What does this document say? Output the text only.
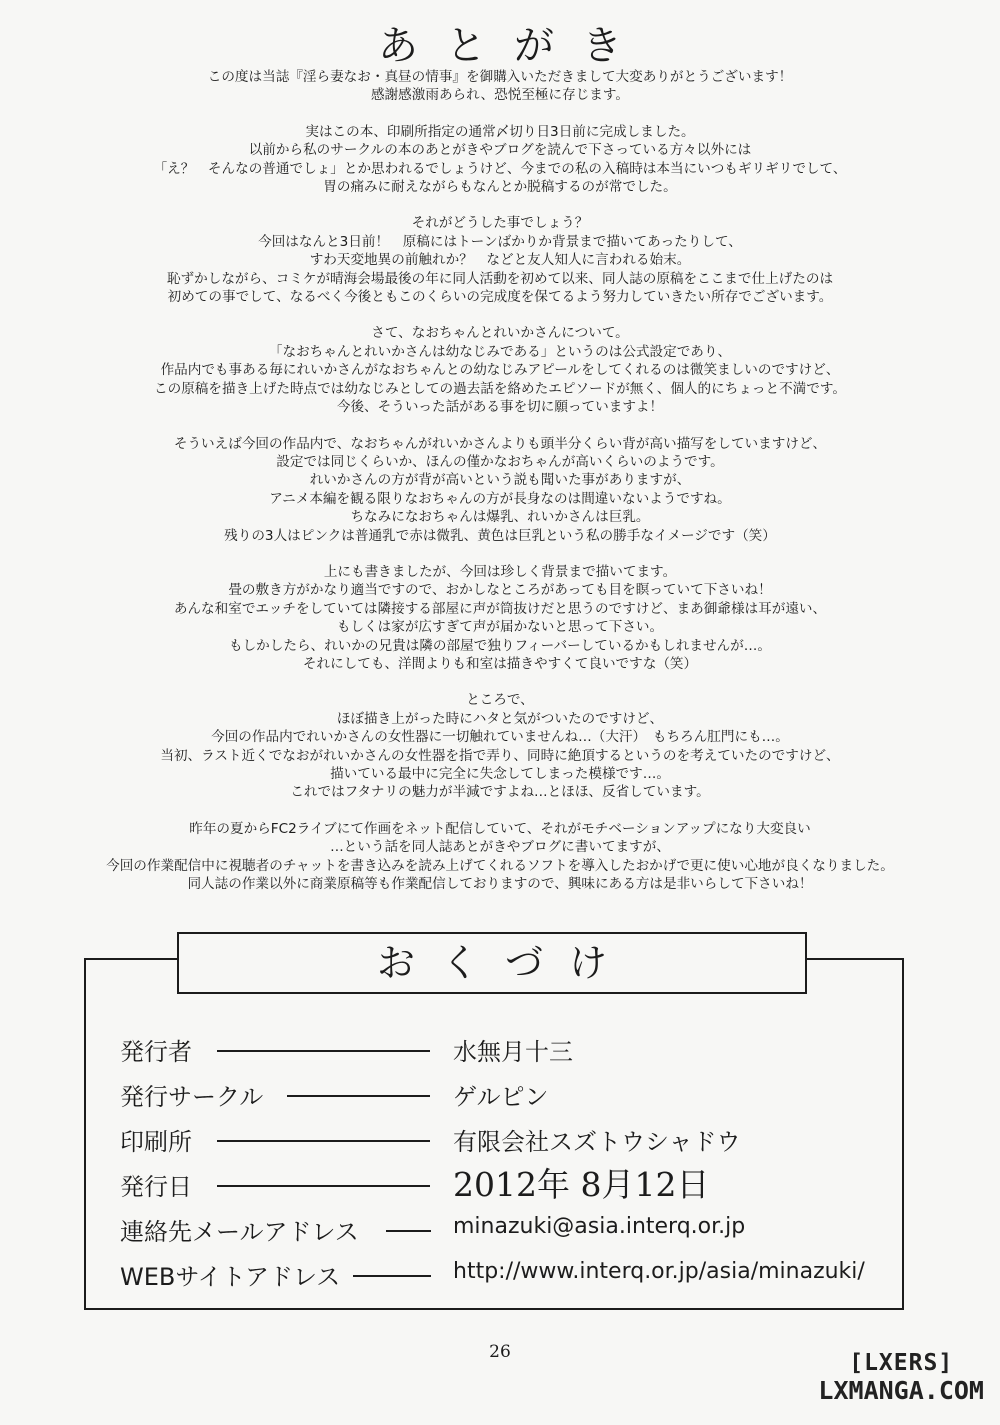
あとがき
この度は当誌『淫ら妻なお・真昼の情事』を御購入いただきまして大変ありがとうございます！
感謝感激雨あられ、恐悦至極に存じます。
実はこの本、印刷所指定の通常〆切り日3日前に完成しました。
以前から私のサークルの本のあとがきやブログを読んで下さっている方々以外には
「え？　そんなの普通でしょ」とか思われるでしょうけど、今までの私の入稿時は本当にいつもギリギリでして、
胃の痛みに耐えながらもなんとか脱稿するのが常でした。
それがどうした事でしょう？
今回はなんと3日前！　原稿にはトーンばかりか背景まで描いてあったりして、
すわ天変地異の前触れか？　などと友人知人に言われる始末。
恥ずかしながら、コミケが晴海会場最後の年に同人活動を初めて以来、同人誌の原稿をここまで仕上げたのは
初めての事でして、なるべく今後ともこのくらいの完成度を保てるよう努力していきたい所存でございます。
さて、なおちゃんとれいかさんについて。
「なおちゃんとれいかさんは幼なじみである」というのは公式設定であり、
作品内でも事ある毎にれいかさんがなおちゃんとの幼なじみアピールをしてくれるのは微笑ましいのですけど、
この原稿を描き上げた時点では幼なじみとしての過去話を絡めたエピソードが無く、個人的にちょっと不満です。
今後、そういった話がある事を切に願っていますよ！
そういえば今回の作品内で、なおちゃんがれいかさんよりも頭半分くらい背が高い描写をしていますけど、
設定では同じくらいか、ほんの僅かなおちゃんが高いくらいのようです。
れいかさんの方が背が高いという説も聞いた事がありますが、
アニメ本編を観る限りなおちゃんの方が長身なのは間違いないようですね。
ちなみになおちゃんは爆乳、れいかさんは巨乳。
残りの3人はピンクは普通乳で赤は微乳、黄色は巨乳という私の勝手なイメージです（笑）
上にも書きましたが、今回は珍しく背景まで描いてます。
畳の敷き方がかなり適当ですので、おかしなところがあっても目を瞑っていて下さいね！
あんな和室でエッチをしていては隣接する部屋に声が筒抜けだと思うのですけど、まあ御爺様は耳が遠い、
もしくは家が広すぎて声が届かないと思って下さい。
もしかしたら、れいかの兄貴は隣の部屋で独りフィーバーしているかもしれませんが…。
それにしても、洋間よりも和室は描きやすくて良いですな（笑）
ところで、
ほぼ描き上がった時にハタと気がついたのですけど、
今回の作品内でれいかさんの女性器に一切触れていませんね…（大汗）　もちろん肛門にも…。
当初、ラスト近くでなおがれいかさんの女性器を指で弄り、同時に絶頂するというのを考えていたのですけど、
描いている最中に完全に失念してしまった模様です…。
これではフタナリの魅力が半減ですよね…とほほ、反省しています。
昨年の夏からFC2ライブにて作画をネット配信していて、それがモチベーションアップになり大変良い
…という話を同人誌あとがきやブログに書いてますが、
今回の作業配信中に視聴者のチャットを書き込みを読み上げてくれるソフトを導入したおかげで更に使い心地が良くなりました。
同人誌の作業以外に商業原稿等も作業配信しておりますので、興味にある方は是非いらして下さいね！
おくづけ
発行者	水無月十三
発行サークル	ゲルピン
印刷所	有限会社スズトウシャドウ
発行日	2012年 8月12日
連絡先メールアドレス	minazuki@asia.interq.or.jp
WEBサイトアドレス	http://www.interq.or.jp/asia/minazuki/
26	[LXERS]
LXMANGA.COM
